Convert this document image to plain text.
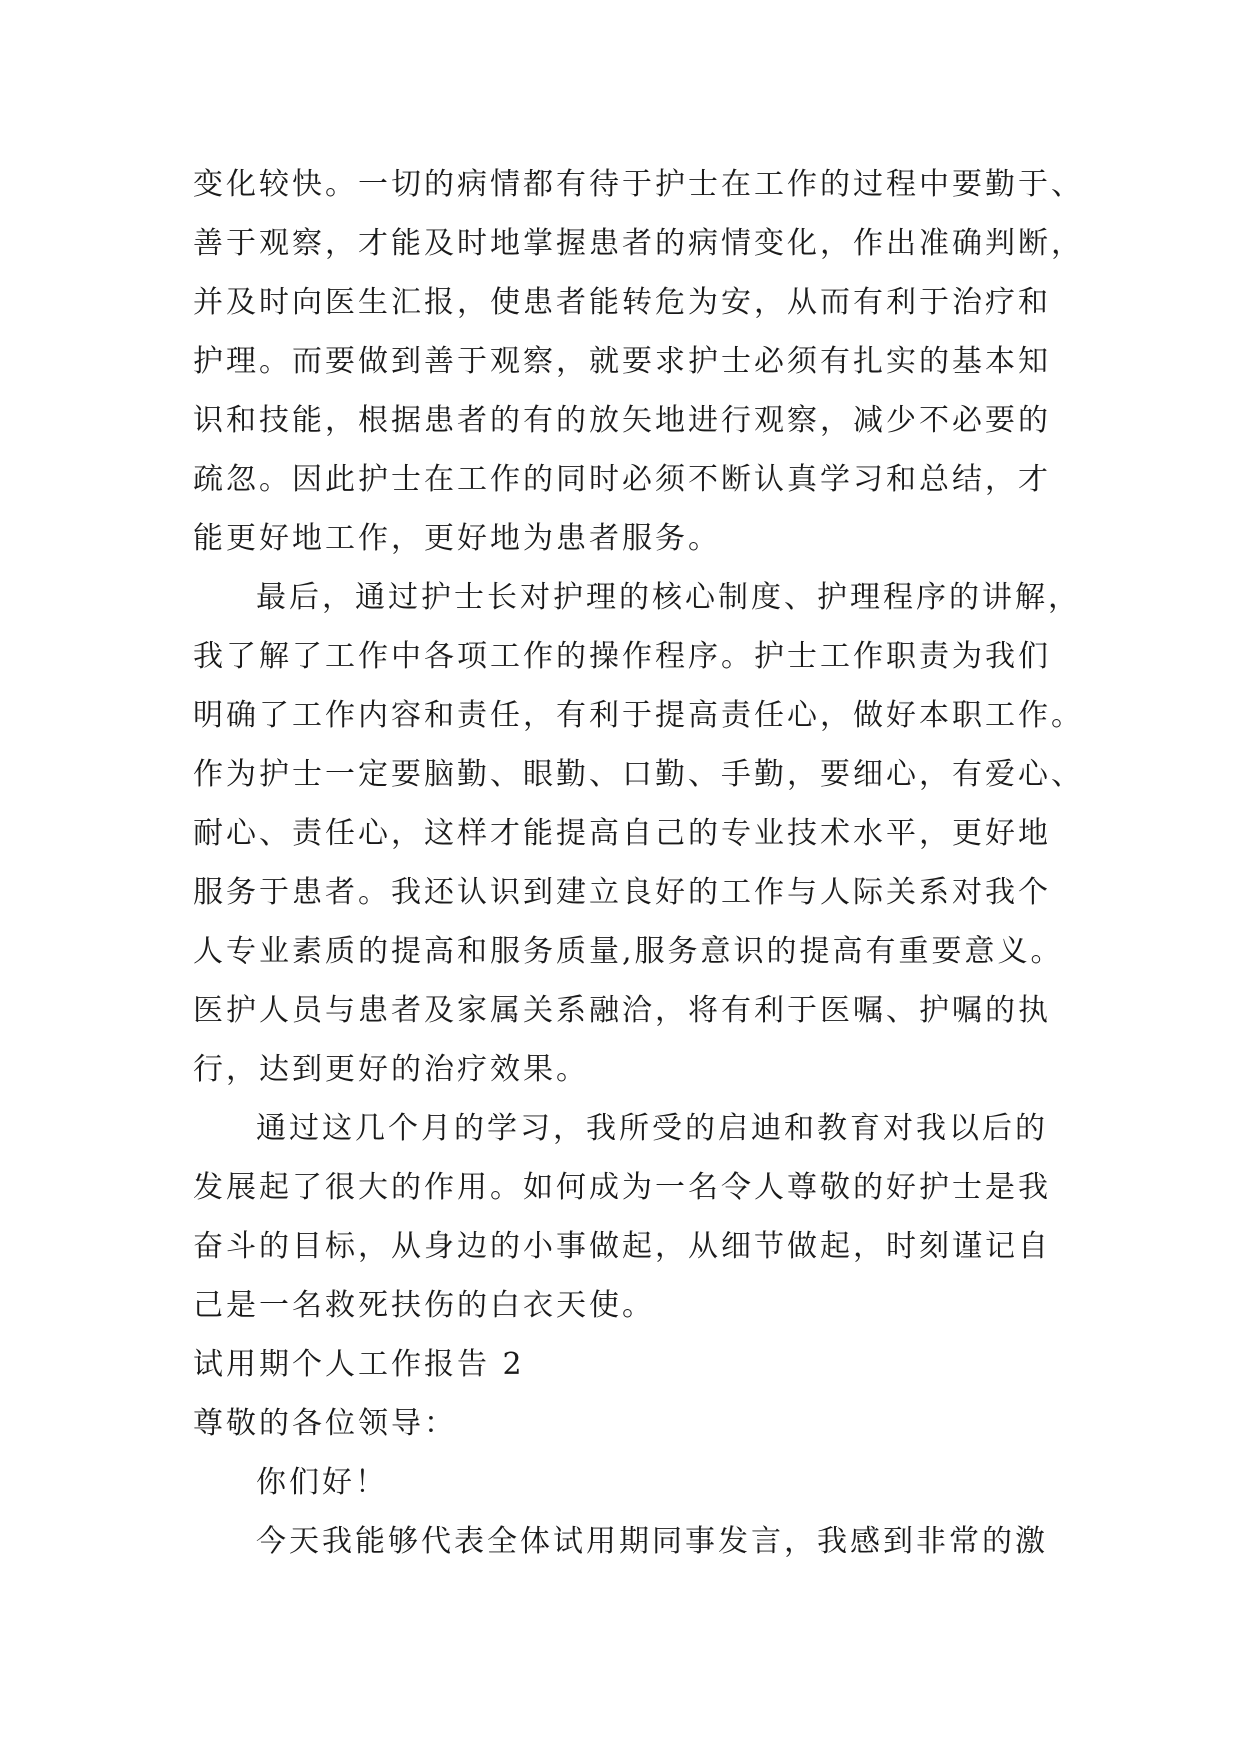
变化较快。一切的病情都有待于护士在工作的过程中要勤于、
善于观察，才能及时地掌握患者的病情变化，作出准确判断，
并及时向医生汇报，使患者能转危为安，从而有利于治疗和
护理。而要做到善于观察，就要求护士必须有扎实的基本知
识和技能，根据患者的有的放矢地进行观察，减少不必要的
疏忽。因此护士在工作的同时必须不断认真学习和总结，才
能更好地工作，更好地为患者服务。
最后，通过护士长对护理的核心制度、护理程序的讲解，
我了解了工作中各项工作的操作程序。护士工作职责为我们
明确了工作内容和责任，有利于提高责任心，做好本职工作。
作为护士一定要脑勤、眼勤、口勤、手勤，要细心，有爱心、
耐心、责任心，这样才能提高自己的专业技术水平，更好地
服务于患者。我还认识到建立良好的工作与人际关系对我个
人专业素质的提高和服务质量,服务意识的提高有重要意义。
医护人员与患者及家属关系融洽，将有利于医嘱、护嘱的执
行，达到更好的治疗效果。
通过这几个月的学习，我所受的启迪和教育对我以后的
发展起了很大的作用。如何成为一名令人尊敬的好护士是我
奋斗的目标，从身边的小事做起，从细节做起，时刻谨记自
己是一名救死扶伤的白衣天使。
试用期个人工作报告 2
尊敬的各位领导：
你们好！
今天我能够代表全体试用期同事发言，我感到非常的激
